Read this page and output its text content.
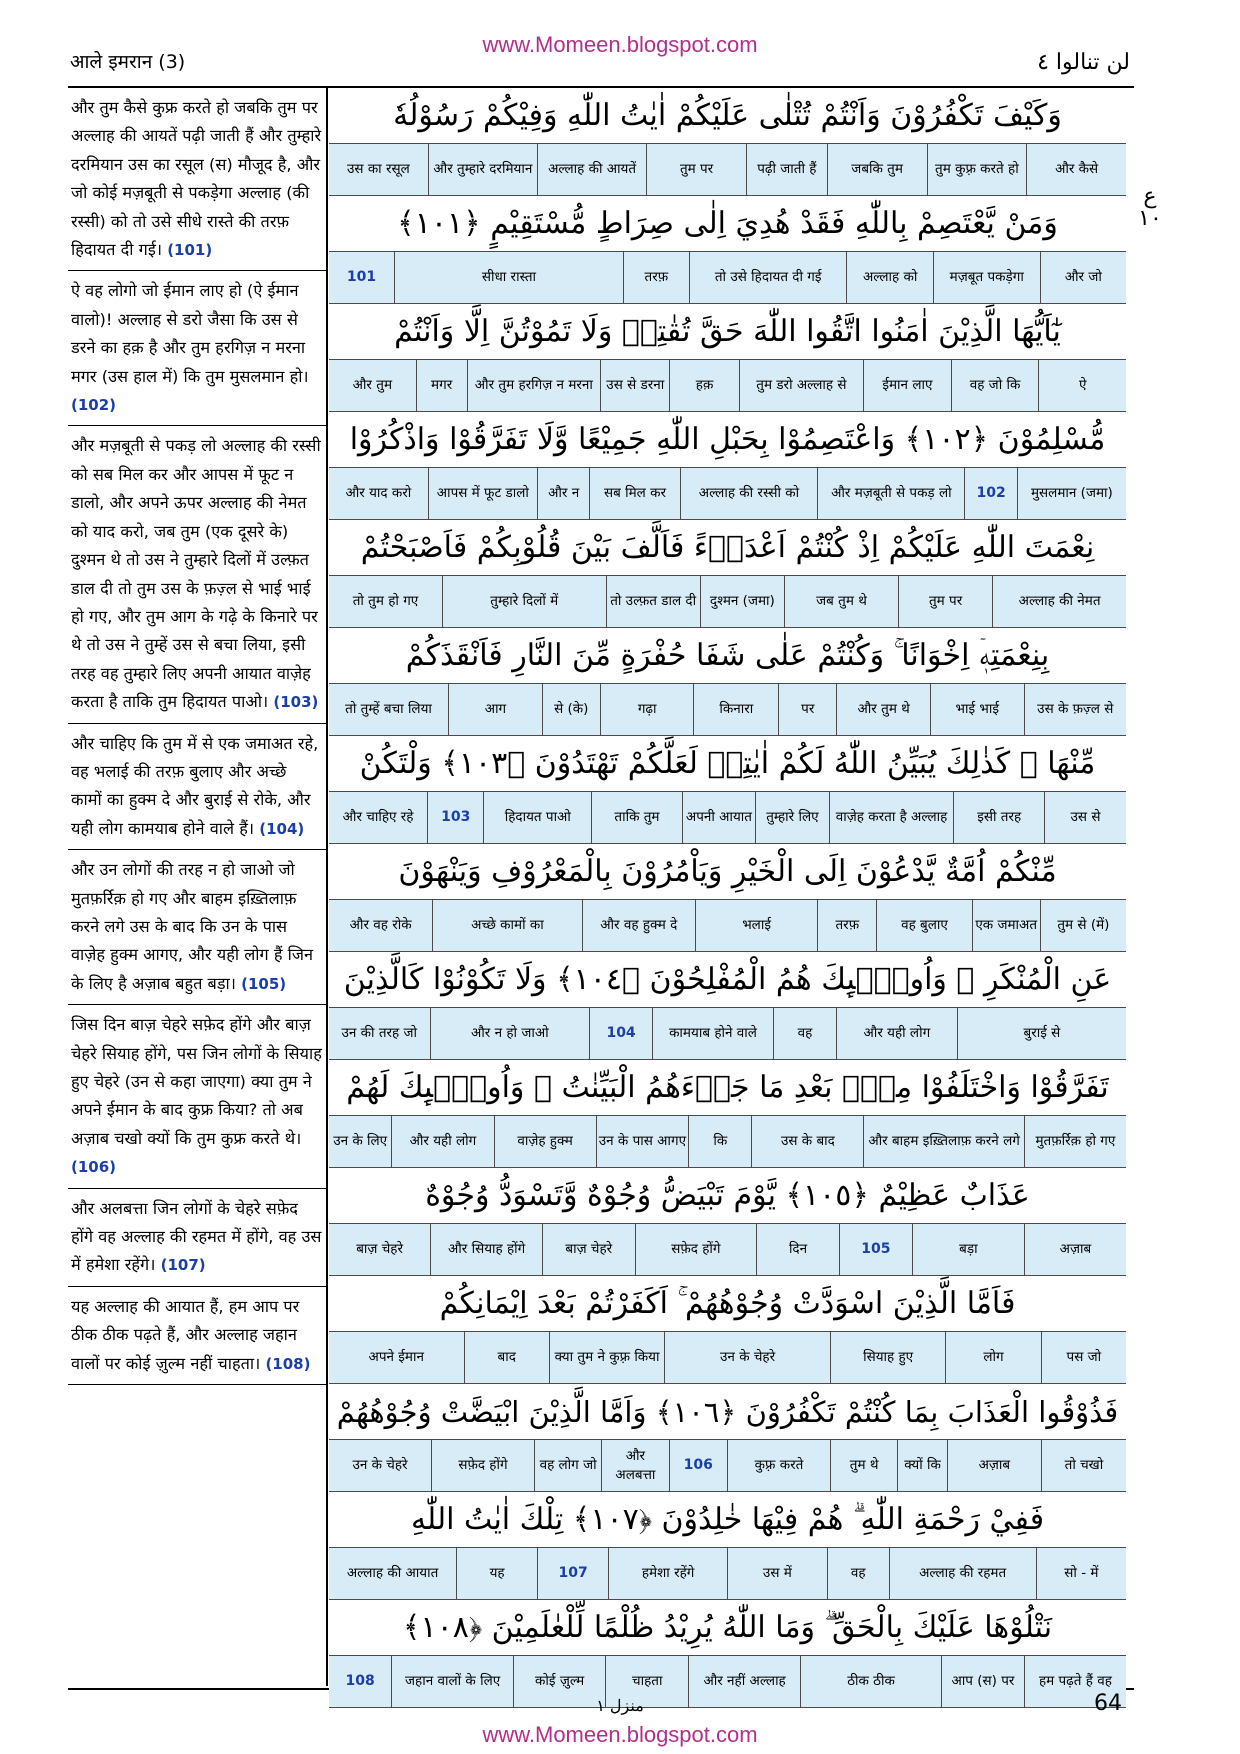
www.Momeen.blogspot.com
आले इमरान (3)	لن تنالوا ٤
और तुम कैसे कुफ्र करते हो जबकि तुम पर अल्लाह की आयतें पढ़ी जाती हैं और तुम्हारे दरमियान उस का रसूल (स) मौजूद है, और जो कोई मज़बूती से पकड़ेगा अल्लाह (की रस्सी) को तो उसे सीधे रास्ते की तरफ़ हिदायत दी गई। (101)
ऐ वह लोगो जो ईमान लाए हो (ऐ ईमान वालो)! अल्लाह से डरो जैसा कि उस से डरने का हक़ है और तुम हरगिज़ न मरना मगर (उस हाल में) कि तुम मुसलमान हो। (102)
और मज़बूती से पकड़ लो अल्लाह की रस्सी को सब मिल कर और आपस में फूट न डालो, और अपने ऊपर अल्लाह की नेमत को याद करो, जब तुम (एक दूसरे के) दुश्मन थे तो उस ने तुम्हारे दिलों में उल्फ़त डाल दी तो तुम उस के फ़ज़्ल से भाई भाई हो गए, और तुम आग के गढ़े के किनारे पर थे तो उस ने तुम्हें उस से बचा लिया, इसी तरह वह तुम्हारे लिए अपनी आयात वाज़ेह करता है ताकि तुम हिदायत पाओ। (103)
और चाहिए कि तुम में से एक जमाअत रहे, वह भलाई की तरफ़ बुलाए और अच्छे कामों का हुक्म दे और बुराई से रोके, और यही लोग कामयाब होने वाले हैं। (104)
और उन लोगों की तरह न हो जाओ जो मुतफ़र्रिक़ हो गए और बाहम इख़्तिलाफ़ करने लगे उस के बाद कि उन के पास वाज़ेह हुक्म आगए, और यही लोग हैं जिन के लिए है अज़ाब बहुत बड़ा। (105)
जिस दिन बाज़ चेहरे सफ़ेद होंगे और बाज़ चेहरे सियाह होंगे, पस जिन लोगों के सियाह हुए चेहरे (उन से कहा जाएगा) क्या तुम ने अपने ईमान के बाद कुफ्र किया? तो अब अज़ाब चखो क्यों कि तुम कुफ्र करते थे। (106)
और अलबत्ता जिन लोगों के चेहरे सफ़ेद होंगे वह अल्लाह की रहमत में होंगे, वह उस में हमेशा रहेंगे। (107)
यह अल्लाह की आयात हैं, हम आप पर ठीक ठीक पढ़ते हैं, और अल्लाह जहान वालों पर कोई ज़ुल्म नहीं चाहता। (108)
وَكَيْفَ تَكْفُرُوْنَ وَاَنْتُمْ تُتْلٰى عَلَيْكُمْ اٰيٰتُ اللّٰهِ وَفِيْكُمْ رَسُوْلُهٗ
और कैसे
तुम कुफ़्र करते हो
जबकि तुम
पढ़ी जाती हैं
तुम पर
अल्लाह की आयतें
और तुम्हारे दरमियान
उस का रसूल
وَمَنْ يَّعْتَصِمْ بِاللّٰهِ فَقَدْ هُدِيَ اِلٰى صِرَاطٍ مُّسْتَقِيْمٍ ﴿١٠١﴾
और जो
मज़बूत पकड़ेगा
अल्लाह को
तो उसे हिदायत दी गई
तरफ़
सीधा रास्ता
101
يٰٓاَيُّهَا الَّذِيْنَ اٰمَنُوا اتَّقُوا اللّٰهَ حَقَّ تُقٰتِهٖ وَلَا تَمُوْتُنَّ اِلَّا وَاَنْتُمْ
ऐ
वह जो कि
ईमान लाए
तुम डरो अल्लाह से
हक़
उस से डरना
और तुम हरगिज़ न मरना
मगर
और तुम
مُّسْلِمُوْنَ ﴿١٠٢﴾ وَاعْتَصِمُوْا بِحَبْلِ اللّٰهِ جَمِيْعًا وَّلَا تَفَرَّقُوْا وَاذْكُرُوْا
मुसलमान (जमा)
102
और मज़बूती से पकड़ लो
अल्लाह की रस्सी को
सब मिल कर
और न
आपस में फूट डालो
और याद करो
نِعْمَتَ اللّٰهِ عَلَيْكُمْ اِذْ كُنْتُمْ اَعْدَاۤءً فَاَلَّفَ بَيْنَ قُلُوْبِكُمْ فَاَصْبَحْتُمْ
अल्लाह की नेमत
तुम पर
जब तुम थे
दुश्मन (जमा)
तो उल्फ़त डाल दी
तुम्हारे दिलों में
तो तुम हो गए
بِنِعْمَتِهٖۤ اِخْوَانًا ۚ وَكُنْتُمْ عَلٰى شَفَا حُفْرَةٍ مِّنَ النَّارِ فَاَنْقَذَكُمْ
उस के फ़ज़्ल से
भाई भाई
और तुम थे
पर
किनारा
गढ़ा
से (के)
आग
तो तुम्हें बचा लिया
مِّنْهَا ۗ كَذٰلِكَ يُبَيِّنُ اللّٰهُ لَكُمْ اٰيٰتِهٖ لَعَلَّكُمْ تَهْتَدُوْنَ ﴿١٠٣﴾ وَلْتَكُنْ
उस से
इसी तरह
वाज़ेह करता है अल्लाह
तुम्हारे लिए
अपनी आयात
ताकि तुम
हिदायत पाओ
103
और चाहिए रहे
مِّنْكُمْ اُمَّةٌ يَّدْعُوْنَ اِلَى الْخَيْرِ وَيَاْمُرُوْنَ بِالْمَعْرُوْفِ وَيَنْهَوْنَ
तुम से (में)
एक जमाअत
वह बुलाए
तरफ़
भलाई
और वह हुक्म दे
अच्छे कामों का
और वह रोके
عَنِ الْمُنْكَرِ ۗ وَاُولٰۤىِٕكَ هُمُ الْمُفْلِحُوْنَ ﴿١٠٤﴾ وَلَا تَكُوْنُوْا كَالَّذِيْنَ
बुराई से
और यही लोग
वह
कामयाब होने वाले
104
और न हो जाओ
उन की तरह जो
تَفَرَّقُوْا وَاخْتَلَفُوْا مِنْۢ بَعْدِ مَا جَاۤءَهُمُ الْبَيِّنٰتُ ۗ وَاُولٰۤىِٕكَ لَهُمْ
मुतफ़र्रिक़ हो गए
और बाहम इख़्तिलाफ़ करने लगे
उस के बाद
कि
उन के पास आगए
वाज़ेह हुक्म
और यही लोग
उन के लिए
عَذَابٌ عَظِيْمٌ ﴿١٠٥﴾ يَّوْمَ تَبْيَضُّ وُجُوْهٌ وَّتَسْوَدُّ وُجُوْهٌ
अज़ाब
बड़ा
105
दिन
सफ़ेद होंगे
बाज़ चेहरे
और सियाह होंगे
बाज़ चेहरे
فَاَمَّا الَّذِيْنَ اسْوَدَّتْ وُجُوْهُهُمْ ۚ اَكَفَرْتُمْ بَعْدَ اِيْمَانِكُمْ
पस जो
लोग
सियाह हुए
उन के चेहरे
क्या तुम ने कुफ़्र किया
बाद
अपने ईमान
فَذُوْقُوا الْعَذَابَ بِمَا كُنْتُمْ تَكْفُرُوْنَ ﴿١٠٦﴾ وَاَمَّا الَّذِيْنَ ابْيَضَّتْ وُجُوْهُهُمْ
तो चखो
अज़ाब
क्यों कि
तुम थे
कुफ़्र करते
106
और अलबत्ता
वह लोग जो
सफ़ेद होंगे
उन के चेहरे
فَفِيْ رَحْمَةِ اللّٰهِ ۗ هُمْ فِيْهَا خٰلِدُوْنَ ﴿١٠٧﴾ تِلْكَ اٰيٰتُ اللّٰهِ
सो - में
अल्लाह की रहमत
वह
उस में
हमेशा रहेंगे
107
यह
अल्लाह की आयात
نَتْلُوْهَا عَلَيْكَ بِالْحَقِّ ۗ وَمَا اللّٰهُ يُرِيْدُ ظُلْمًا لِّلْعٰلَمِيْنَ ﴿١٠٨﴾
हम पढ़ते हैं वह
आप (स) पर
ठीक ठीक
और नहीं अल्लाह
चाहता
कोई ज़ुल्म
जहान वालों के लिए
108
ع
١٠
64
منزل ١
www.Momeen.blogspot.com
